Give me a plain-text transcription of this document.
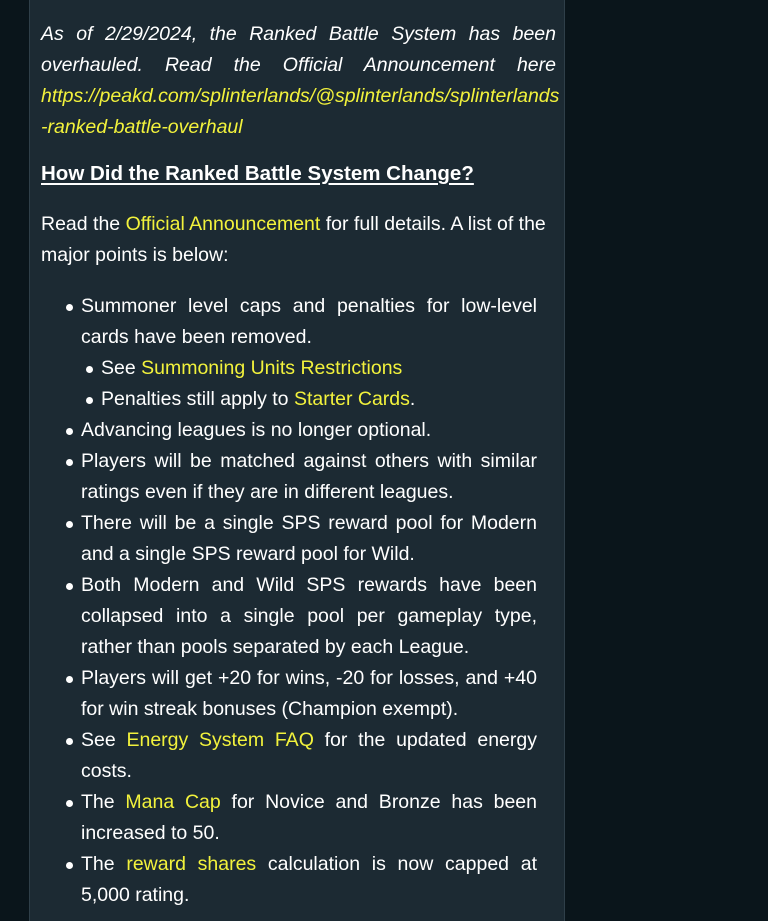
As of 2/29/2024, the Ranked Battle System has been
overhauled. Read the Official Announcement here
https://peakd.com/splinterlands/@splinterlands/splinterlands
-ranked-battle-overhaul

How Did the Ranked Battle System Change?

Read the Official Announcement for full details. A list of the major points is below:

Summoner level caps and penalties for low-level cards have been removed.
See Summoning Units Restrictions
Penalties still apply to Starter Cards.
Advancing leagues is no longer optional.
Players will be matched against others with similar ratings even if they are in different leagues.
There will be a single SPS reward pool for Modern and a single SPS reward pool for Wild.
Both Modern and Wild SPS rewards have been collapsed into a single pool per gameplay type, rather than pools separated by each League.
Players will get +20 for wins, -20 for losses, and +40 for win streak bonuses (Champion exempt).
See Energy System FAQ for the updated energy costs.
The Mana Cap for Novice and Bronze has been increased to 50.
The reward shares calculation is now capped at 5,000 rating.
